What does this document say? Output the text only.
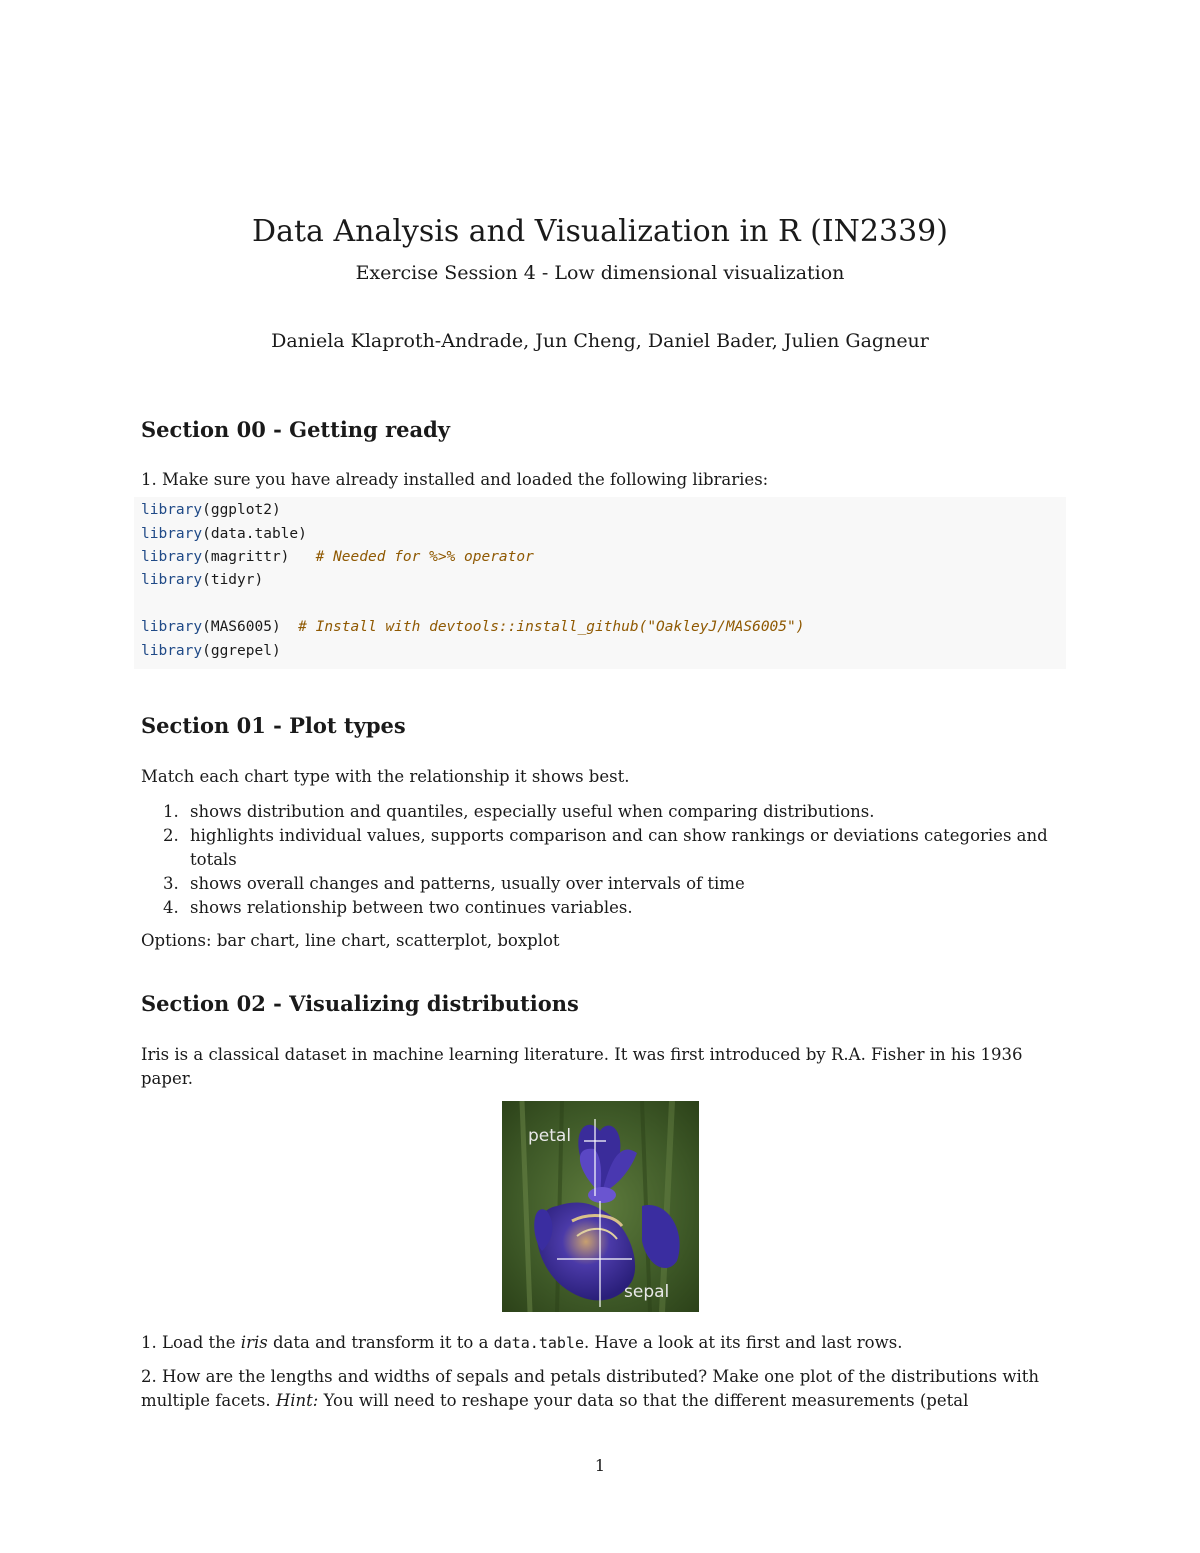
Data Analysis and Visualization in R (IN2339)
Exercise Session 4 - Low dimensional visualization
Daniela Klaproth-Andrade, Jun Cheng, Daniel Bader, Julien Gagneur
Section 00 - Getting ready
1. Make sure you have already installed and loaded the following libraries:
library(ggplot2)
library(data.table)
library(magrittr)   # Needed for %>% operator
library(tidyr)
library(MAS6005)  # Install with devtools::install_github("OakleyJ/MAS6005")
library(ggrepel)
Section 01 - Plot types
Match each chart type with the relationship it shows best.
1. shows distribution and quantiles, especially useful when comparing distributions.
2. highlights individual values, supports comparison and can show rankings or deviations categories and totals
3. shows overall changes and patterns, usually over intervals of time
4. shows relationship between two continues variables.
Options: bar chart, line chart, scatterplot, boxplot
Section 02 - Visualizing distributions
Iris is a classical dataset in machine learning literature. It was first introduced by R.A. Fisher in his 1936 paper.
petal
sepal
1. Load the iris data and transform it to a data.table. Have a look at its first and last rows.
2. How are the lengths and widths of sepals and petals distributed? Make one plot of the distributions with multiple facets. Hint: You will need to reshape your data so that the different measurements (petal
1
